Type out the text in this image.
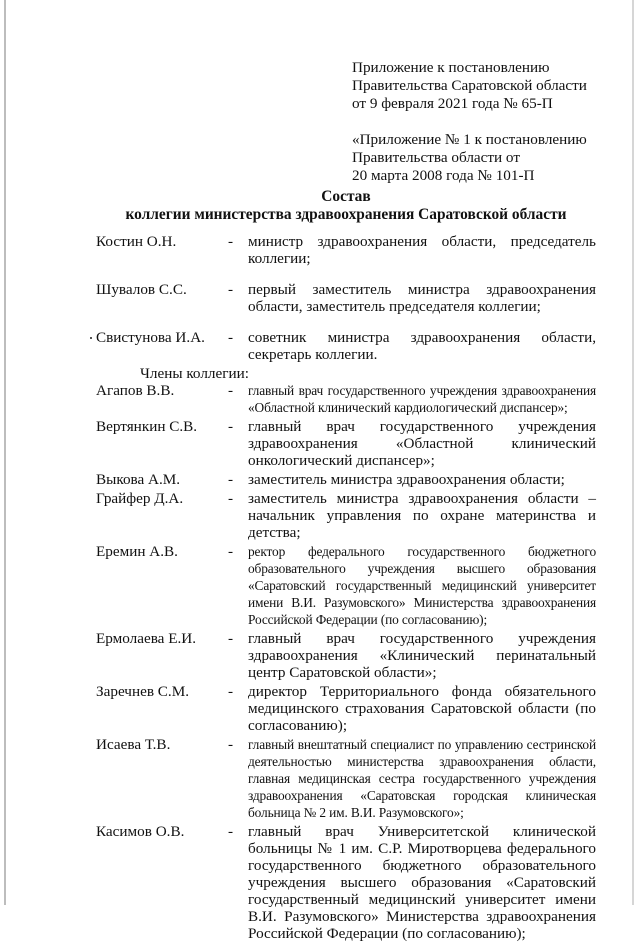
Приложение к постановлению
Правительства Саратовской области
от 9 февраля 2021 года № 65-П
«Приложение № 1 к постановлению
Правительства области от
20 марта 2008 года № 101-П
Состав
коллегии министерства здравоохранения Саратовской области
Костин О.Н.	- министр здравоохранения области, председатель коллегии;
Шувалов С.С.	- первый заместитель министра здравоохранения области, заместитель председателя коллегии;
Свистунова И.А.	- советник министра здравоохранения области, секретарь коллегии.
Члены коллегии:
Агапов В.В.	-	главный врач государственного учреждения здравоохранения «Областной клинический кардиологический диспансер»;
Вертянкин С.В.	- главный врач государственного учреждения здравоохранения «Областной клинический онкологический диспансер»;
Выкова А.М.	- заместитель министра здравоохранения области;
Грайфер Д.А.	- заместитель министра здравоохранения области – начальник управления по охране материнства и детства;
Еремин А.В.	-	ректор федерального государственного бюджетного образовательного учреждения высшего образования «Саратовский государственный медицинский университет имени В.И. Разумовского» Министерства здравоохранения Российской Федерации (по согласованию);
Ермолаева Е.И.	- главный врач государственного учреждения здравоохранения «Клинический перинатальный центр Саратовской области»;
Заречнев С.М.	- директор Территориального фонда обязательного медицинского страхования Саратовской области (по согласованию);
Исаева Т.В.	-	главный внештатный специалист по управлению сестринской деятельностью министерства здравоохранения области, главная медицинская сестра государственного учреждения здравоохранения «Саратовская городская клиническая больница № 2 им. В.И. Разумовского»;
Касимов О.В.	- главный врач Университетской клинической больницы № 1 им. С.Р. Миротворцева федерального государственного бюджетного образовательного учреждения высшего образования «Саратовский государственный медицинский университет имени В.И. Разумовского» Министерства здравоохранения Российской Федерации (по согласованию);
